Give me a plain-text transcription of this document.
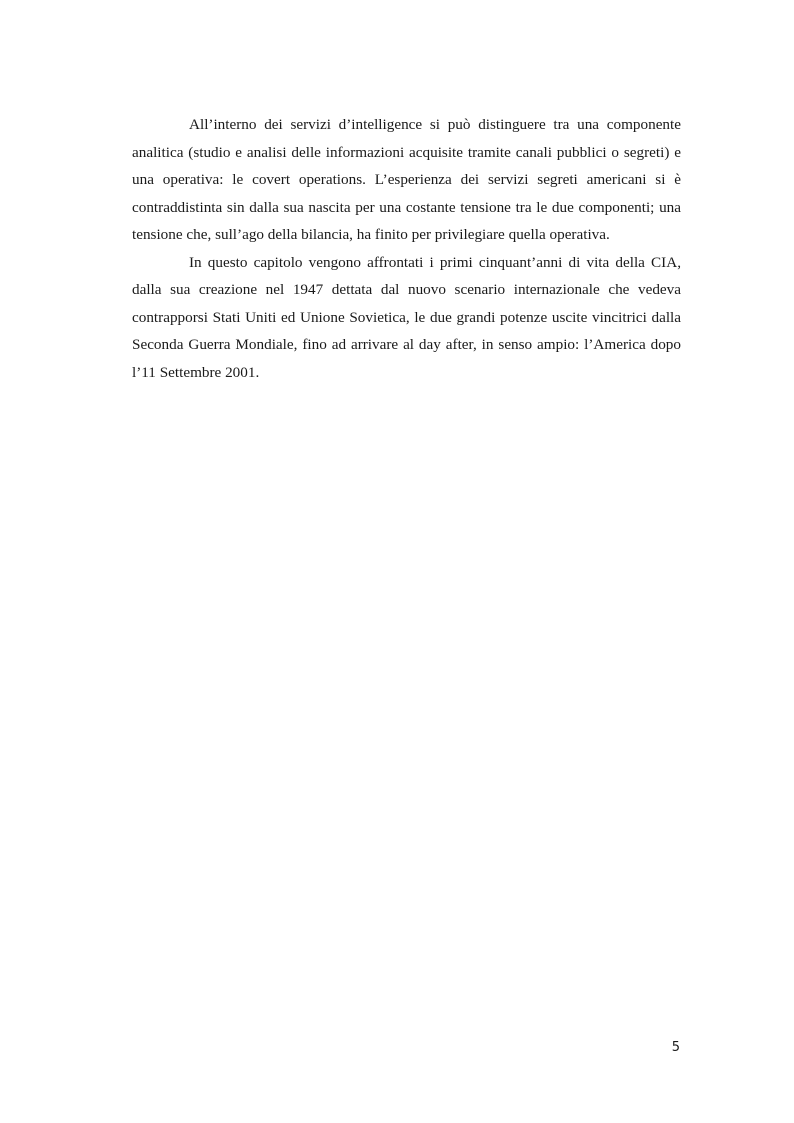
All’interno dei servizi d’intelligence si può distinguere tra una componente analitica (studio e analisi delle informazioni acquisite tramite canali pubblici o segreti) e una operativa: le covert operations. L’esperienza dei servizi segreti americani si è contraddistinta sin dalla sua nascita per una costante tensione tra le due componenti; una tensione che, sull’ago della bilancia, ha finito per privilegiare quella operativa.

In questo capitolo vengono affrontati i primi cinquant’anni di vita della CIA, dalla sua creazione nel 1947 dettata dal nuovo scenario internazionale che vedeva contrapporsi Stati Uniti ed Unione Sovietica, le due grandi potenze uscite vincitrici dalla Seconda Guerra Mondiale, fino ad arrivare al day after, in senso ampio: l’America dopo l’11 Settembre 2001.

5
